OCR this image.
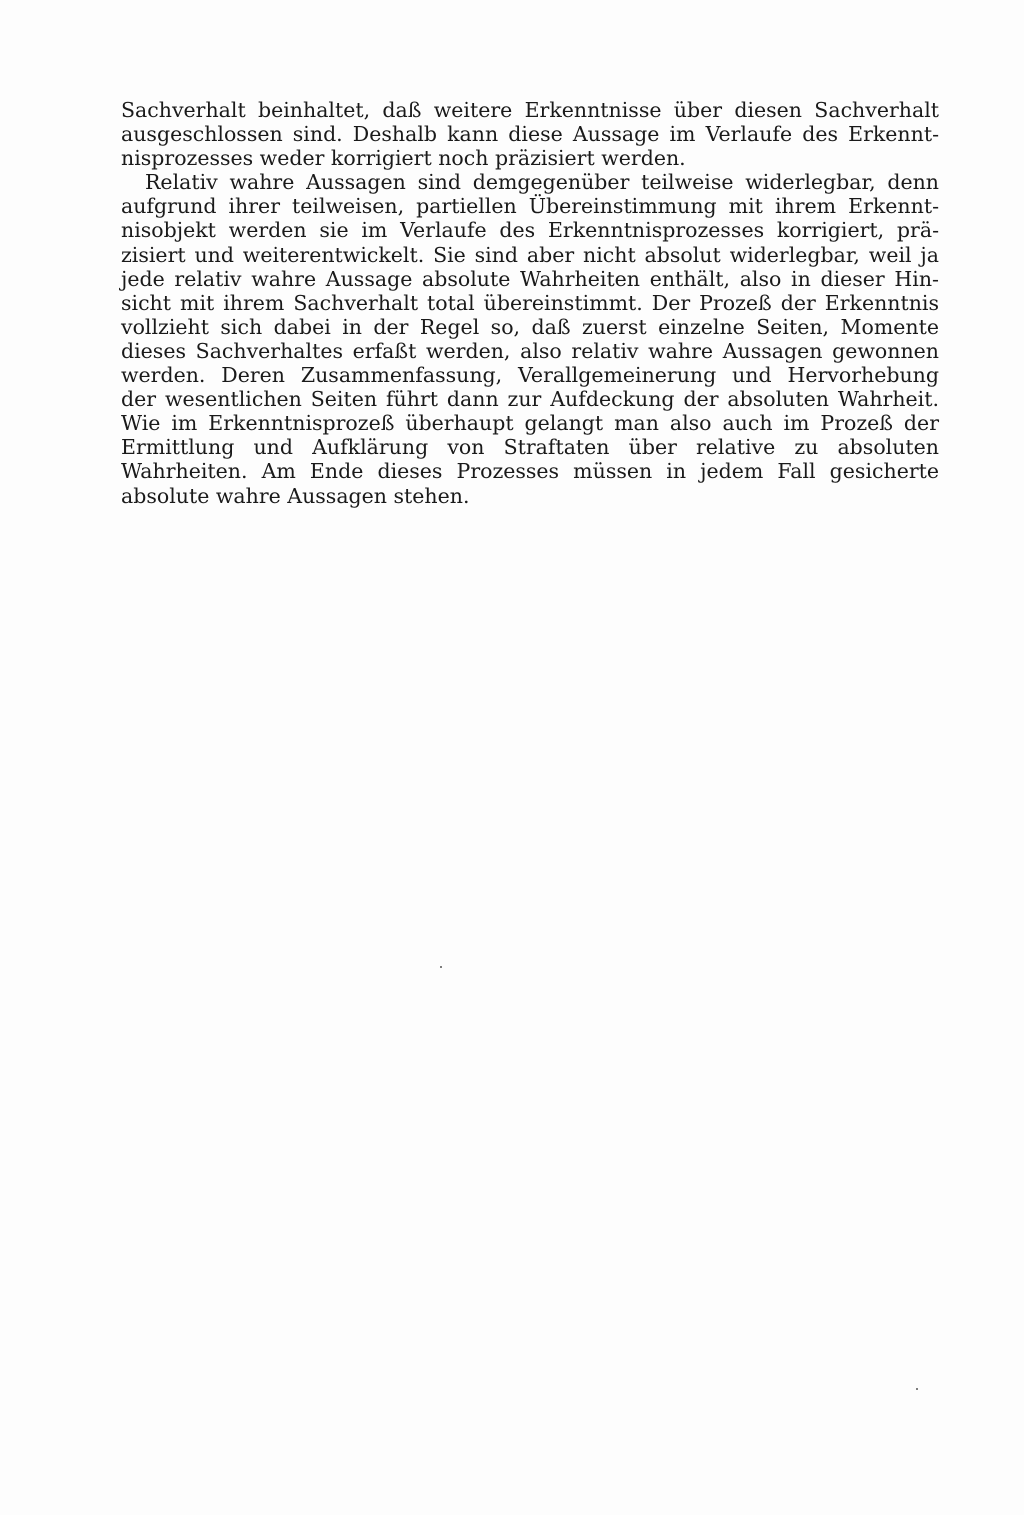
Sachverhalt beinhaltet, daß weitere Erkenntnisse über diesen Sachverhalt
ausgeschlossen sind. Deshalb kann diese Aussage im Verlaufe des Erkennt-
nisprozesses weder korrigiert noch präzisiert werden.
Relativ wahre Aussagen sind demgegenüber teilweise widerlegbar, denn
aufgrund ihrer teilweisen, partiellen Übereinstimmung mit ihrem Erkennt-
nisobjekt werden sie im Verlaufe des Erkenntnisprozesses korrigiert, prä-
zisiert und weiterentwickelt. Sie sind aber nicht absolut widerlegbar, weil ja
jede relativ wahre Aussage absolute Wahrheiten enthält, also in dieser Hin-
sicht mit ihrem Sachverhalt total übereinstimmt. Der Prozeß der Erkenntnis
vollzieht sich dabei in der Regel so, daß zuerst einzelne Seiten, Momente
dieses Sachverhaltes erfaßt werden, also relativ wahre Aussagen gewonnen
werden. Deren Zusammenfassung, Verallgemeinerung und Hervorhebung
der wesentlichen Seiten führt dann zur Aufdeckung der absoluten Wahrheit.
Wie im Erkenntnisprozeß überhaupt gelangt man also auch im Prozeß der
Ermittlung und Aufklärung von Straftaten über relative zu absoluten
Wahrheiten. Am Ende dieses Prozesses müssen in jedem Fall gesicherte
absolute wahre Aussagen stehen.
